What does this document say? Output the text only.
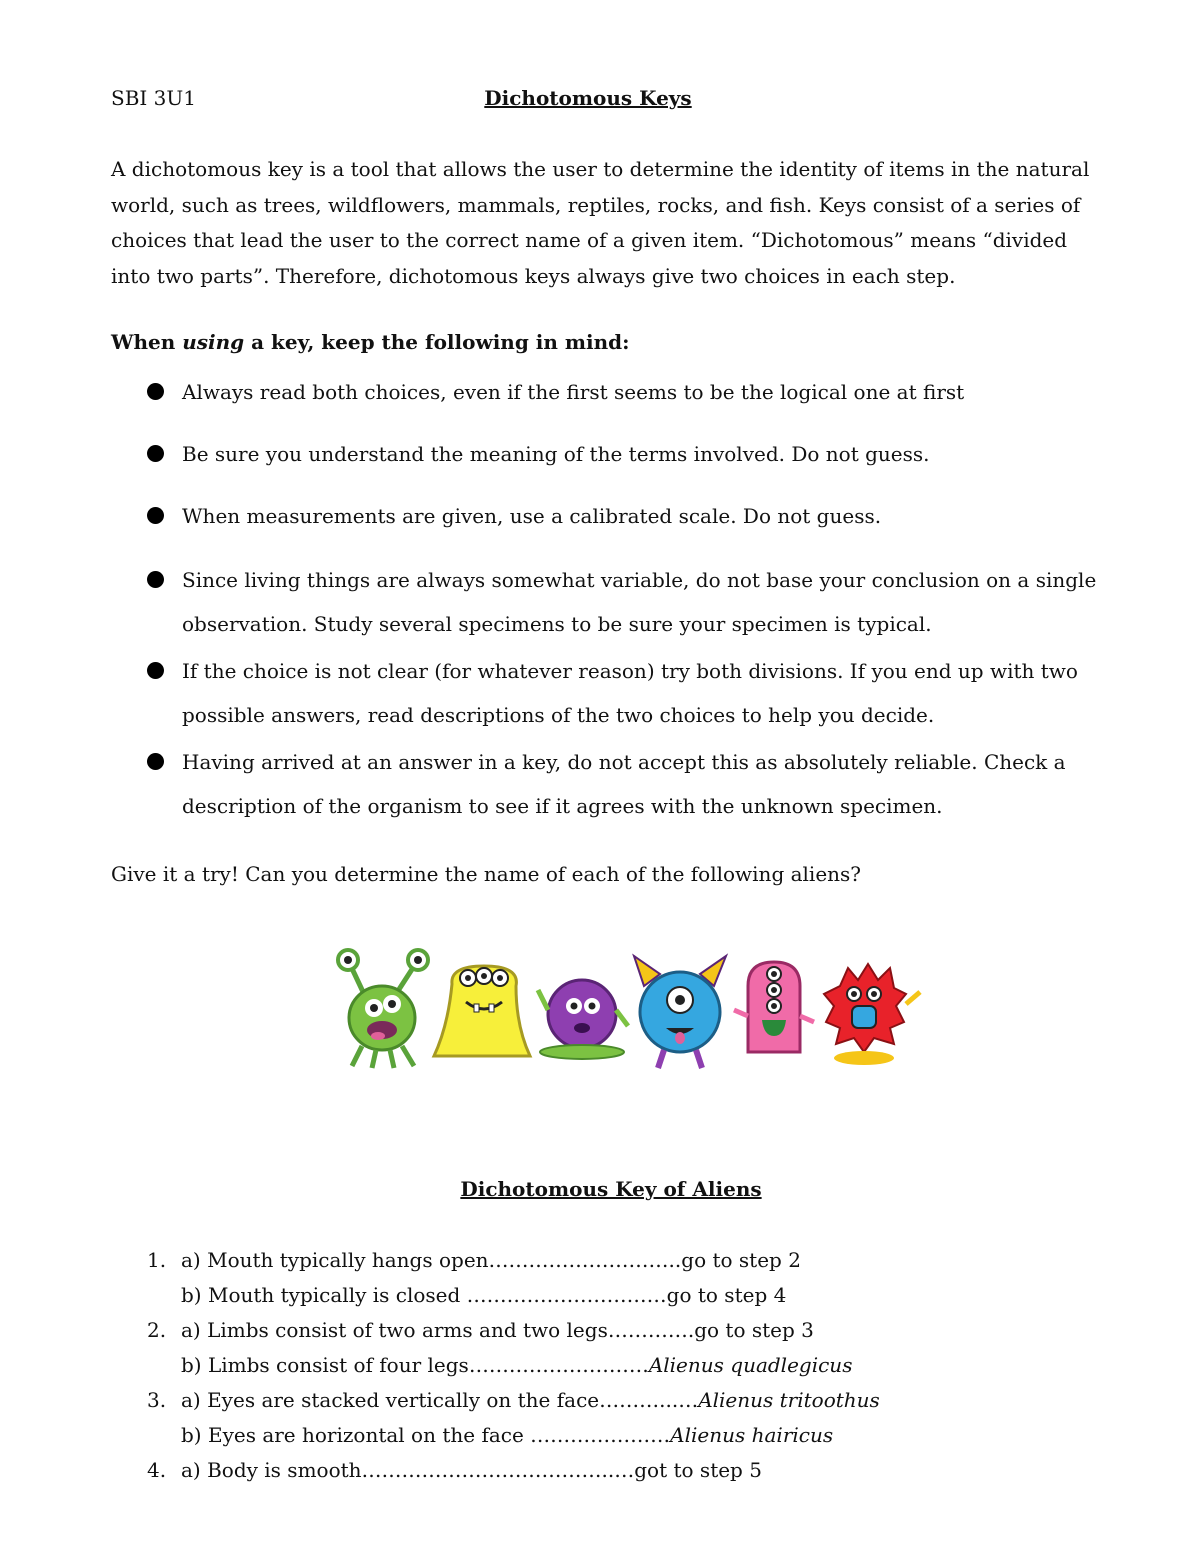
SBI 3U1	Dichotomous Keys

A dichotomous key is a tool that allows the user to determine the identity of items in the natural world, such as trees, wildflowers, mammals, reptiles, rocks, and fish. Keys consist of a series of choices that lead the user to the correct name of a given item. “Dichotomous” means “divided into two parts”. Therefore, dichotomous keys always give two choices in each step.

When using a key, keep the following in mind:
Always read both choices, even if the first seems to be the logical one at first
Be sure you understand the meaning of the terms involved. Do not guess.
When measurements are given, use a calibrated scale. Do not guess.
Since living things are always somewhat variable, do not base your conclusion on a single observation. Study several specimens to be sure your specimen is typical.
If the choice is not clear (for whatever reason) try both divisions. If you end up with two possible answers, read descriptions of the two choices to help you decide.
Having arrived at an answer in a key, do not accept this as absolutely reliable. Check a description of the organism to see if it agrees with the unknown specimen.
Give it a try! Can you determine the name of each of the following aliens?
Dichotomous Key of Aliens
1. a) Mouth typically hangs open………………………..go to step 2
b) Mouth typically is closed …………………………go to step 4
2. a) Limbs consist of two arms and two legs………….go to step 3
b) Limbs consist of four legs………………………Alienus quadlegicus
3. a) Eyes are stacked vertically on the face………...…Alienus tritoothus
b) Eyes are horizontal on the face …………………Alienus hairicus
4. a) Body is smooth………………………………..…got to step 5
